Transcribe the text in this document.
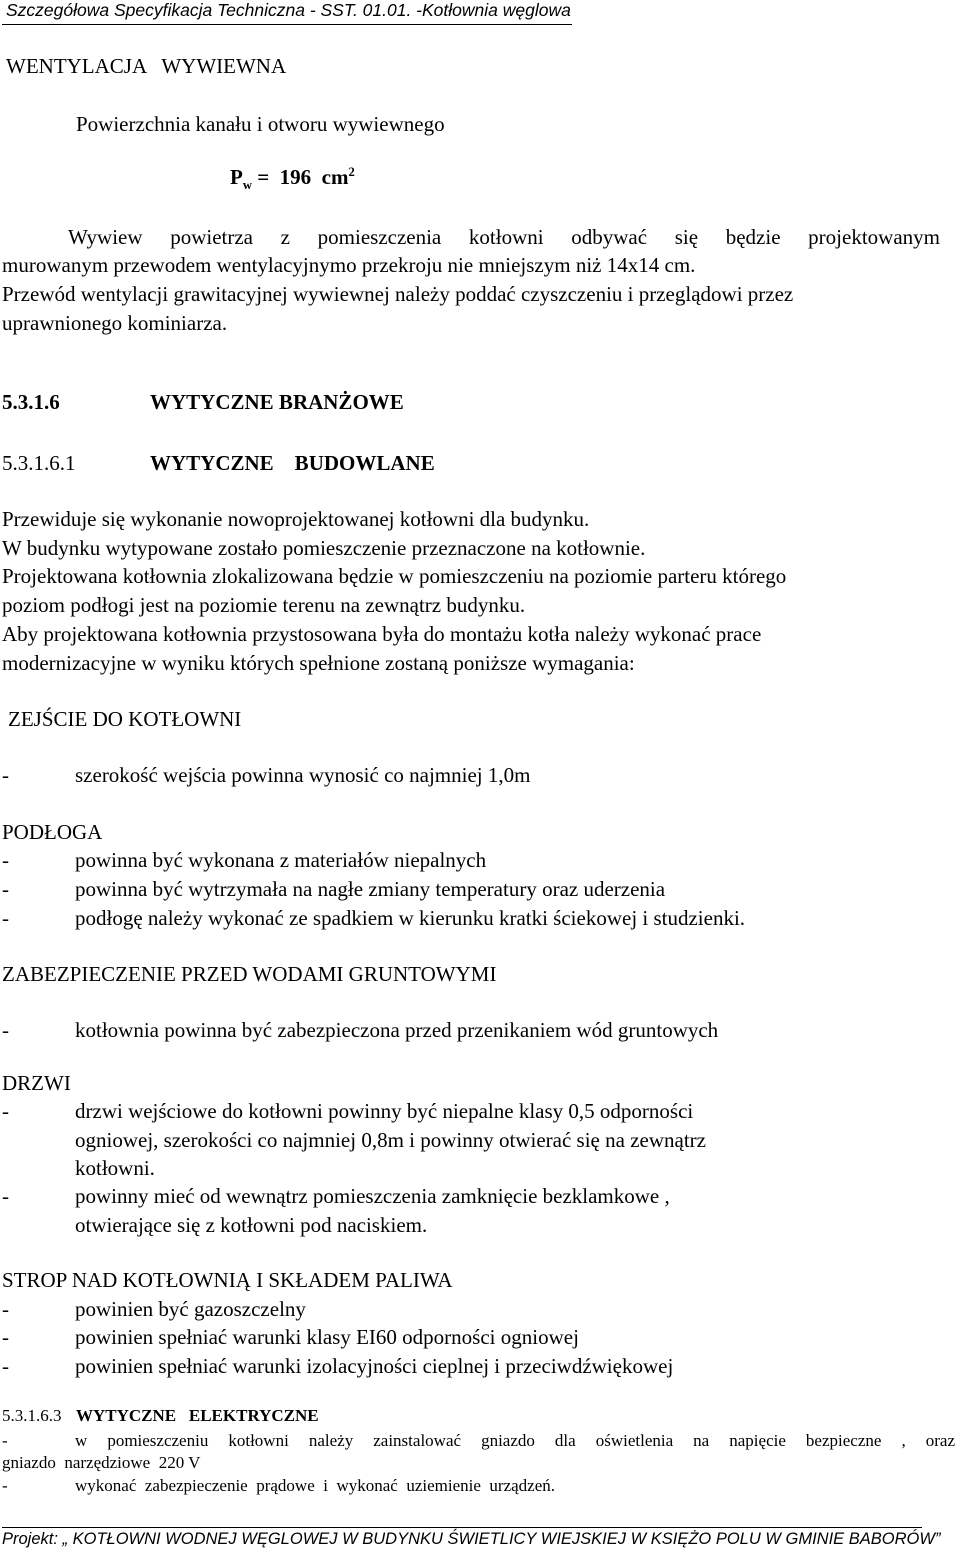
Szczegółowa Specyfikacja Techniczna - SST. 01.01. -Kotłownia węglowa
WENTYLACJA   WYWIEWNA
Powierzchnia kanału i otworu wywiewnego
$P_w = 196$ $cm^2$
Wywiew powietrza z pomieszczenia kotłowni odbywać się będzie projektowanym
murowanym przewodem wentylacyjnymo przekroju nie mniejszym niż 14x14 cm.
Przewód wentylacji grawitacyjnej wywiewnej należy poddać czyszczeniu i przeglądowi przez
uprawnionego kominiarza.
5.3.1.6	WYTYCZNE BRANŻOWE
5.3.1.6.1	WYTYCZNE    BUDOWLANE
Przewiduje się wykonanie nowoprojektowanej kotłowni dla budynku.
W budynku wytypowane zostało pomieszczenie przeznaczone na kotłownie.
Projektowana kotłownia zlokalizowana będzie w pomieszczeniu na poziomie parteru którego
poziom podłogi jest na poziomie terenu na zewnątrz budynku.
Aby projektowana kotłownia przystosowana była do montażu kotła należy wykonać prace
modernizacyjne w wyniku których spełnione zostaną poniższe wymagania:
ZEJŚCIE DO KOTŁOWNI
-	szerokość wejścia powinna wynosić co najmniej 1,0m
PODŁOGA
-	powinna być wykonana z materiałów niepalnych
-	powinna być wytrzymała na nagłe zmiany temperatury oraz uderzenia
-	podłogę należy wykonać ze spadkiem w kierunku kratki ściekowej i studzienki.
ZABEZPIECZENIE PRZED WODAMI GRUNTOWYMI
-	kotłownia powinna być zabezpieczona przed przenikaniem wód gruntowych
DRZWI
-	drzwi wejściowe do kotłowni powinny być niepalne klasy 0,5 odporności
ogniowej, szerokości co najmniej 0,8m i powinny otwierać się na zewnątrz
kotłowni.
-	powinny mieć od wewnątrz pomieszczenia zamknięcie bezklamkowe ,
otwierające się z kotłowni pod naciskiem.
STROP NAD KOTŁOWNIĄ I SKŁADEM PALIWA
-	powinien być gazoszczelny
-	powinien spełniać warunki klasy EI60 odporności ogniowej
-	powinien spełniać warunki izolacyjności cieplnej i przeciwdźwiękowej
5.3.1.6.3 WYTYCZNE   ELEKTRYCZNE
-	w pomieszczeniu kotłowni należy zainstalować gniazdo dla oświetlenia na napięcie bezpieczne , oraz
gniazdo  narzędziowe  220 V
-	wykonać  zabezpieczenie  prądowe  i  wykonać  uziemienie  urządzeń.
Projekt: „ KOTŁOWNI WODNEJ WĘGLOWEJ W BUDYNKU ŚWIETLICY WIEJSKIEJ W KSIĘŻO POLU W GMINIE BABORÓW”
